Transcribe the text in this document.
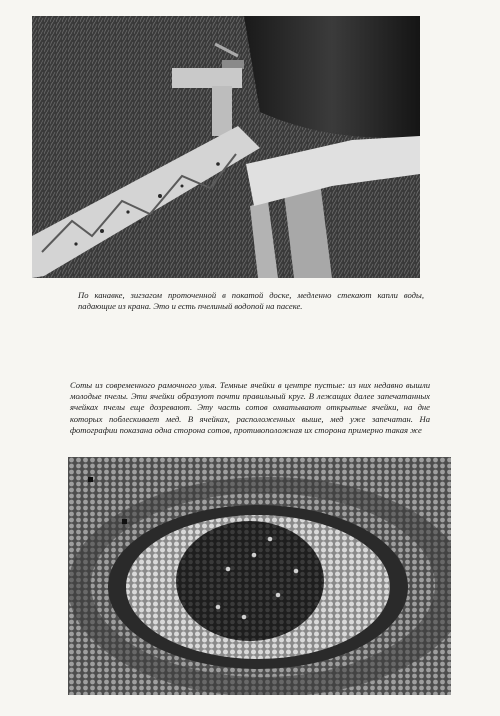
По канавке, зигзагом проточенной в покатой доске, медленно стекают капли воды, падающие из крана. Это и есть пчелиный водопой на пасеке.

Соты из современного рамочного улья. Темные ячейки в центре пустые: из них недавно вышли молодые пчелы. Эти ячейки образуют почти правильный круг. В лежащих далее запечатанных ячейках пчелы еще дозревают. Эту часть сотов охватывают открытые ячейки, на дне которых поблескивает мед. В ячейках, расположенных выше, мед уже запечатан. На фотографии показана одна сторона сотов, противоположная их сторона примерно такая же
